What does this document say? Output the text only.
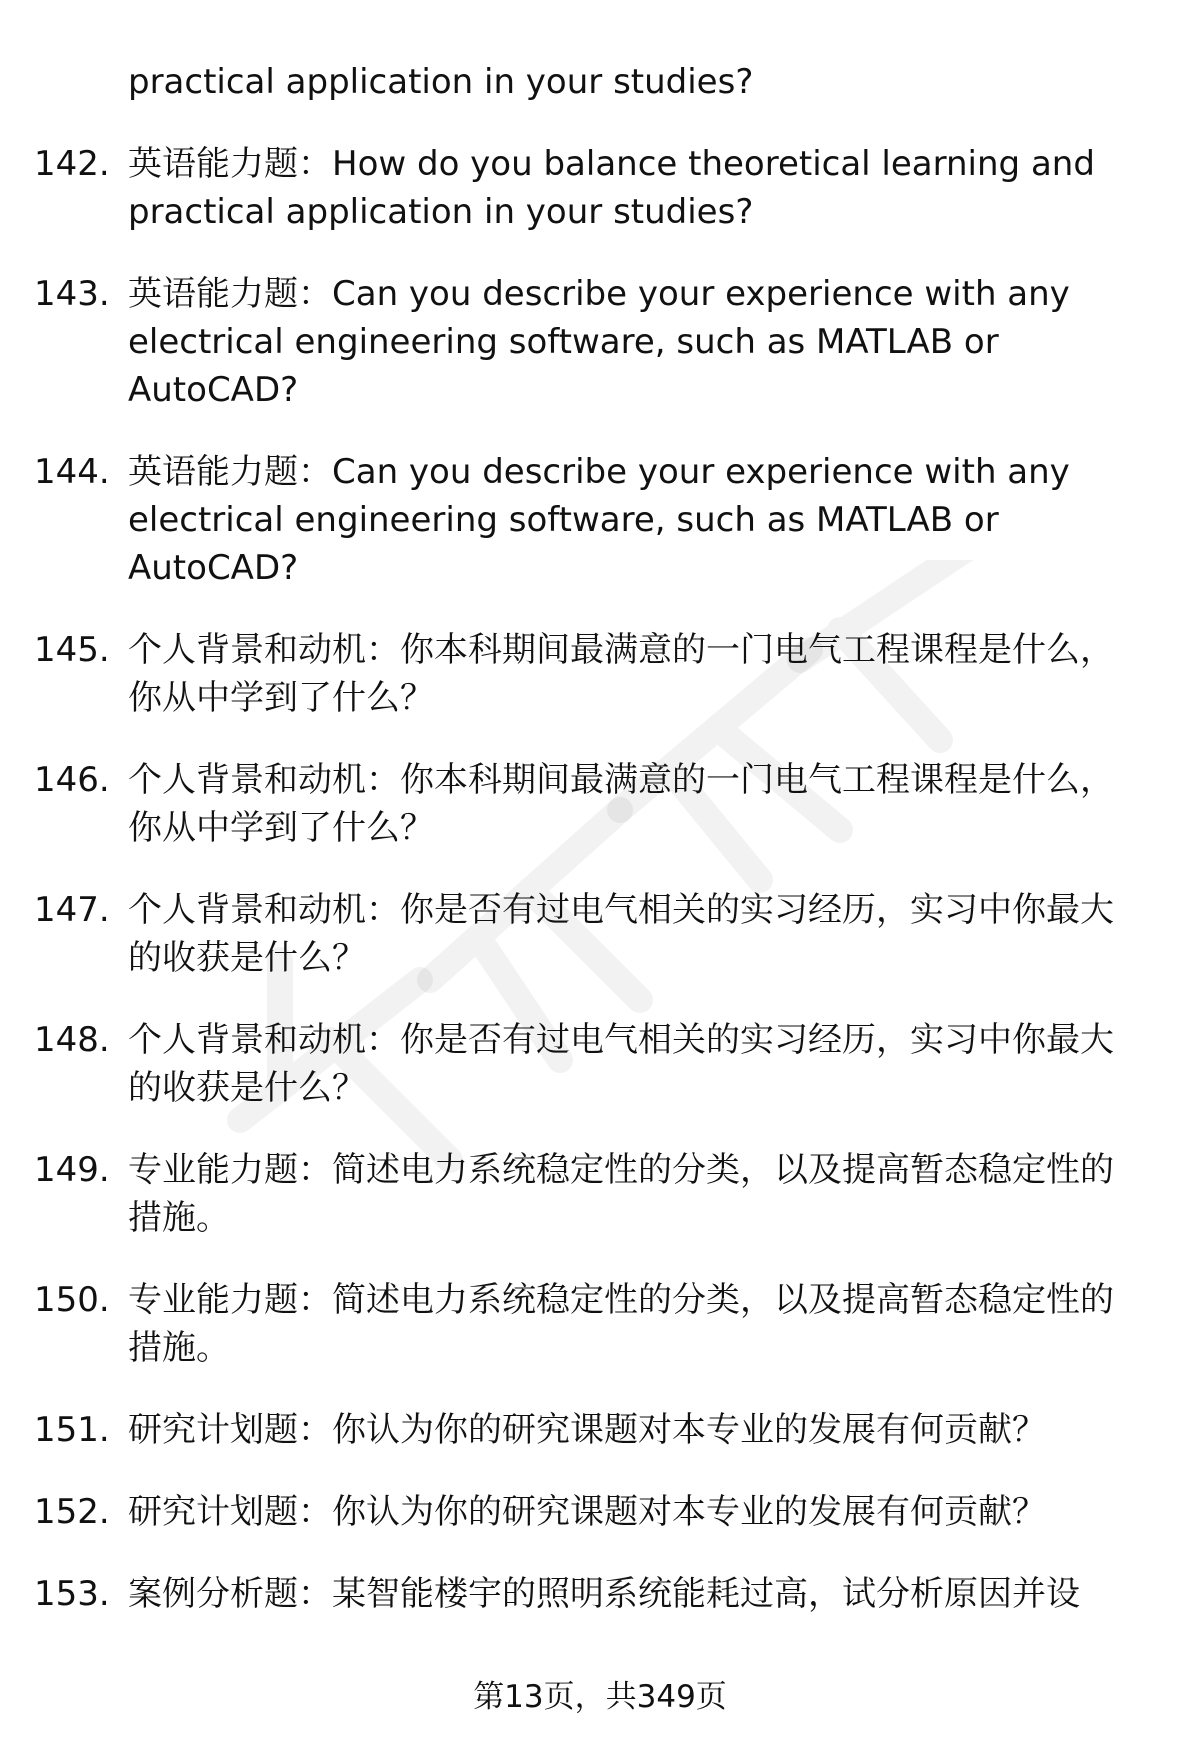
practical application in your studies?
142. 英语能力题：How do you balance theoretical learning and practical application in your studies?
143. 英语能力题：Can you describe your experience with any electrical engineering software, such as MATLAB or AutoCAD?
144. 英语能力题：Can you describe your experience with any electrical engineering software, such as MATLAB or AutoCAD?
145. 个人背景和动机：你本科期间最满意的一门电气工程课程是什么，你从中学到了什么？
146. 个人背景和动机：你本科期间最满意的一门电气工程课程是什么，你从中学到了什么？
147. 个人背景和动机：你是否有过电气相关的实习经历，实习中你最大的收获是什么？
148. 个人背景和动机：你是否有过电气相关的实习经历，实习中你最大的收获是什么？
149. 专业能力题：简述电力系统稳定性的分类，以及提高暂态稳定性的措施。
150. 专业能力题：简述电力系统稳定性的分类，以及提高暂态稳定性的措施。
151. 研究计划题：你认为你的研究课题对本专业的发展有何贡献？
152. 研究计划题：你认为你的研究课题对本专业的发展有何贡献？
153. 案例分析题：某智能楼宇的照明系统能耗过高，试分析原因并设
第13页，共349页
